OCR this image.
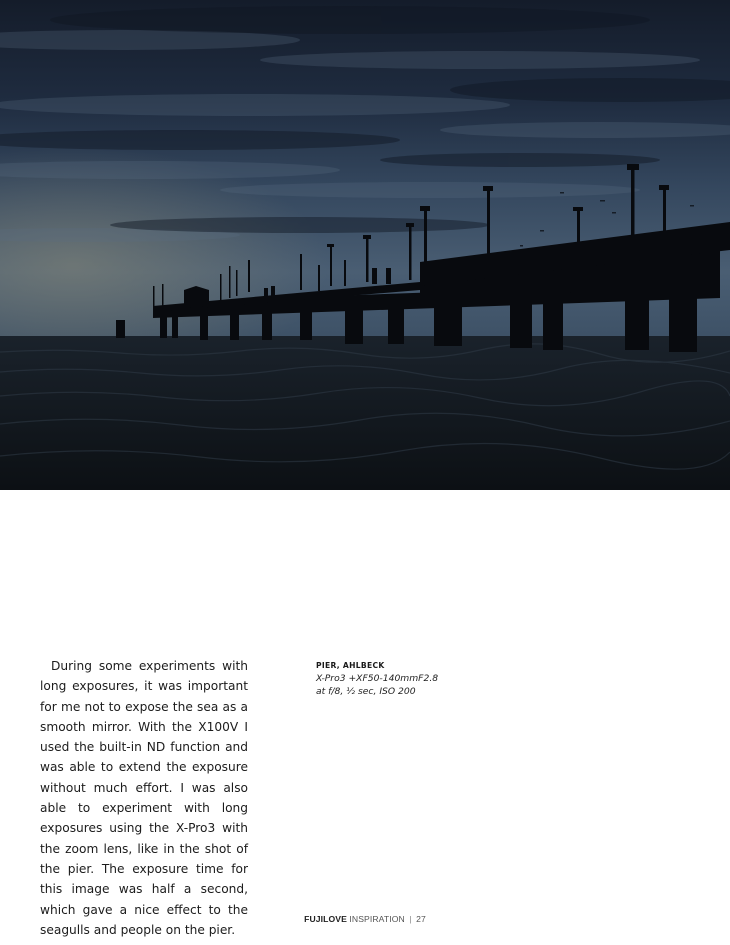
During some experiments with long exposures, it was important for me not to expose the sea as a smooth mirror. With the X100V I used the built-in ND function and was able to extend the exposure without much effort. I was also able to experiment with long exposures using the X-Pro3 with the zoom lens, like in the shot of the pier. The exposure time for this image was half a second, which gave a nice effect to the seagulls and people on the pier.
PIER, AHLBECK
X-Pro3 +XF50-140mmF2.8
at f/8, ½ sec, ISO 200
FUJILOVE INSPIRATION | 27
